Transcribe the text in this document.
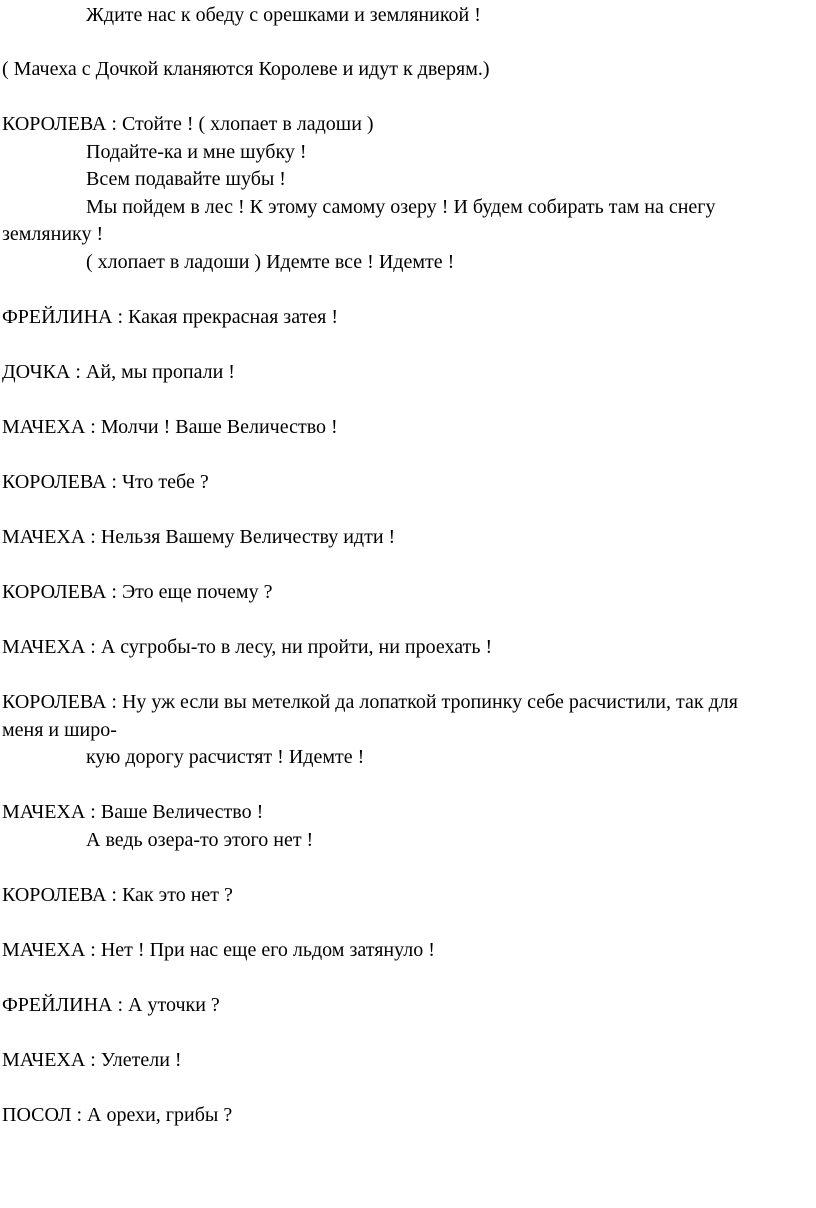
Ждите нас к обеду с орешками и земляникой !
( Мачеха с Дочкой кланяются Королеве и идут к дверям.)
КОРОЛЕВА : Стойте ! ( хлопает в ладоши )
Подайте-ка и мне шубку !
Всем подавайте шубы !
Мы пойдем в лес ! К этому самому озеру ! И будем собирать там на снегу
землянику !
( хлопает в ладоши ) Идемте все ! Идемте !
ФРЕЙЛИНА : Какая прекрасная затея !
ДОЧКА : Ай, мы пропали !
МАЧЕХА : Молчи ! Ваше Величество !
КОРОЛЕВА : Что тебе ?
МАЧЕХА : Нельзя Вашему Величеству идти !
КОРОЛЕВА : Это еще почему ?
МАЧЕХА : А сугробы-то в лесу, ни пройти, ни проехать !
КОРОЛЕВА : Ну уж если вы метелкой да лопаткой тропинку себе расчистили, так для
меня и широ-
кую дорогу расчистят ! Идемте !
МАЧЕХА : Ваше Величество !
А ведь озера-то этого нет !
КОРОЛЕВА : Как это нет ?
МАЧЕХА : Нет ! При нас еще его льдом затянуло !
ФРЕЙЛИНА : А уточки ?
МАЧЕХА : Улетели !
ПОСОЛ : А орехи, грибы ?
